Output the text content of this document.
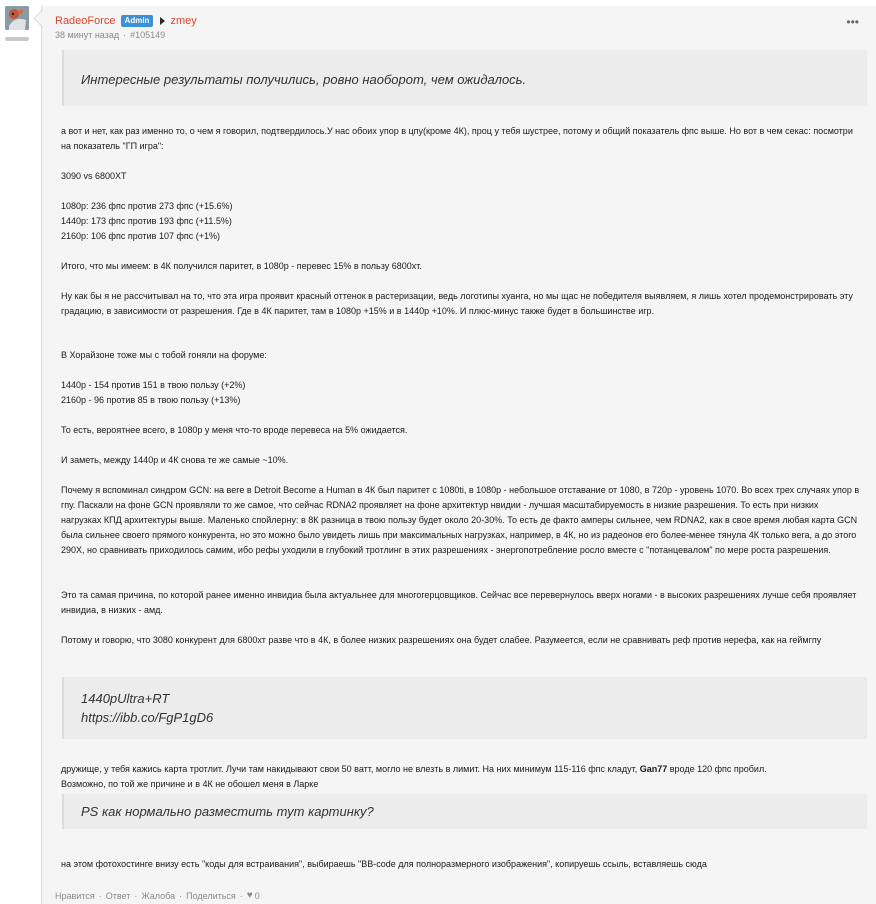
RadeoForce	Admin	zmey
38 минут назад · #105149
•••
Интересные результаты получились, ровно наоборот, чем ожидалось.
а вот и нет, как раз именно то, о чем я говорил, подтвердилось.У нас обоих упор в цпу(кроме 4К), проц у тебя шустрее, потому и общий показатель фпс выше. Но вот в чем секас: посмотри на показатель "ГП игра":
3090 vs 6800XT
1080p: 236 фпс против 273 фпс (+15.6%)
1440p: 173 фпс против 193 фпс (+11.5%)
2160p: 106 фпс против 107 фпс (+1%)
Итого, что мы имеем: в 4К получился паритет, в 1080p - перевес 15% в пользу 6800хт.
Ну как бы я не рассчитывал на то, что эта игра проявит красный оттенок в растеризации, ведь логотипы хуанга, но мы щас не победителя выявляем, я лишь хотел продемонстрировать эту градацию, в зависимости от разрешения. Где в 4К паритет, там в 1080р +15% и в 1440р +10%. И плюс-минус также будет в большинстве игр.
В Хорайзоне тоже мы с тобой гоняли на форуме:
1440p - 154 против 151 в твою пользу (+2%)
2160p - 96 против 85 в твою пользу (+13%)
То есть, вероятнее всего, в 1080р у меня что-то вроде перевеса на 5% ожидается.
И заметь, между 1440р и 4К снова те же самые ~10%.
Почему я вспоминал синдром GCN: на веге в Detroit Become a Human в 4К был паритет с 1080ti, в 1080р - небольшое отставание от 1080, в 720р - уровень 1070. Во всех трех случаях упор в гпу. Паскали на фоне GCN проявляли то же самое, что сейчас RDNA2 проявляет на фоне архитектур нвидии - лучшая масштабируемость в низкие разрешения. То есть при низких нагрузках КПД архитектуры выше. Маленько спойлерну: в 8К разница в твою пользу будет около 20-30%. То есть де факто амперы сильнее, чем RDNA2, как в свое время любая карта GCN была сильнее своего прямого конкурента, но это можно было увидеть лишь при максимальных нагрузках, например, в 4К, но из радеонов его более-менее тянула 4К только вега, а до этого 290X, но сравнивать приходилось самим, ибо рефы уходили в глубокий тротлинг в этих разрешениях - энергопотребление росло вместе с "потанцевалом" по мере роста разрешения.
Это та самая причина, по которой ранее именно инвидиа была актуальнее для многогерцовщиков. Сейчас все перевернулось вверх ногами - в высоких разрешениях лучше себя проявляет инвидиа, в низких - амд.
Потому и говорю, что 3080 конкурент для 6800хт разве что в 4К, в более низких разрешениях она будет слабее. Разумеется, если не сравнивать реф против нерефа, как на геймгпу
1440pUltra+RT
https://ibb.co/FgP1gD6
дружище, у тебя кажись карта тротлит. Лучи там накидывают свои 50 ватт, могло не влезть в лимит. На них минимум 115-116 фпс кладут, Gan77 вроде 120 фпс пробил.
Возможно, по той же причине и в 4К не обошел меня в Ларке
PS как нормально разместить тут картинку?
на этом фотохостинге внизу есть "коды для встраивания", выбираешь "BB-code для полноразмерного изображения", копируешь ссыль, вставляешь сюда
Нравится · Ответ · Жалоба · Поделиться · ♥ 0
